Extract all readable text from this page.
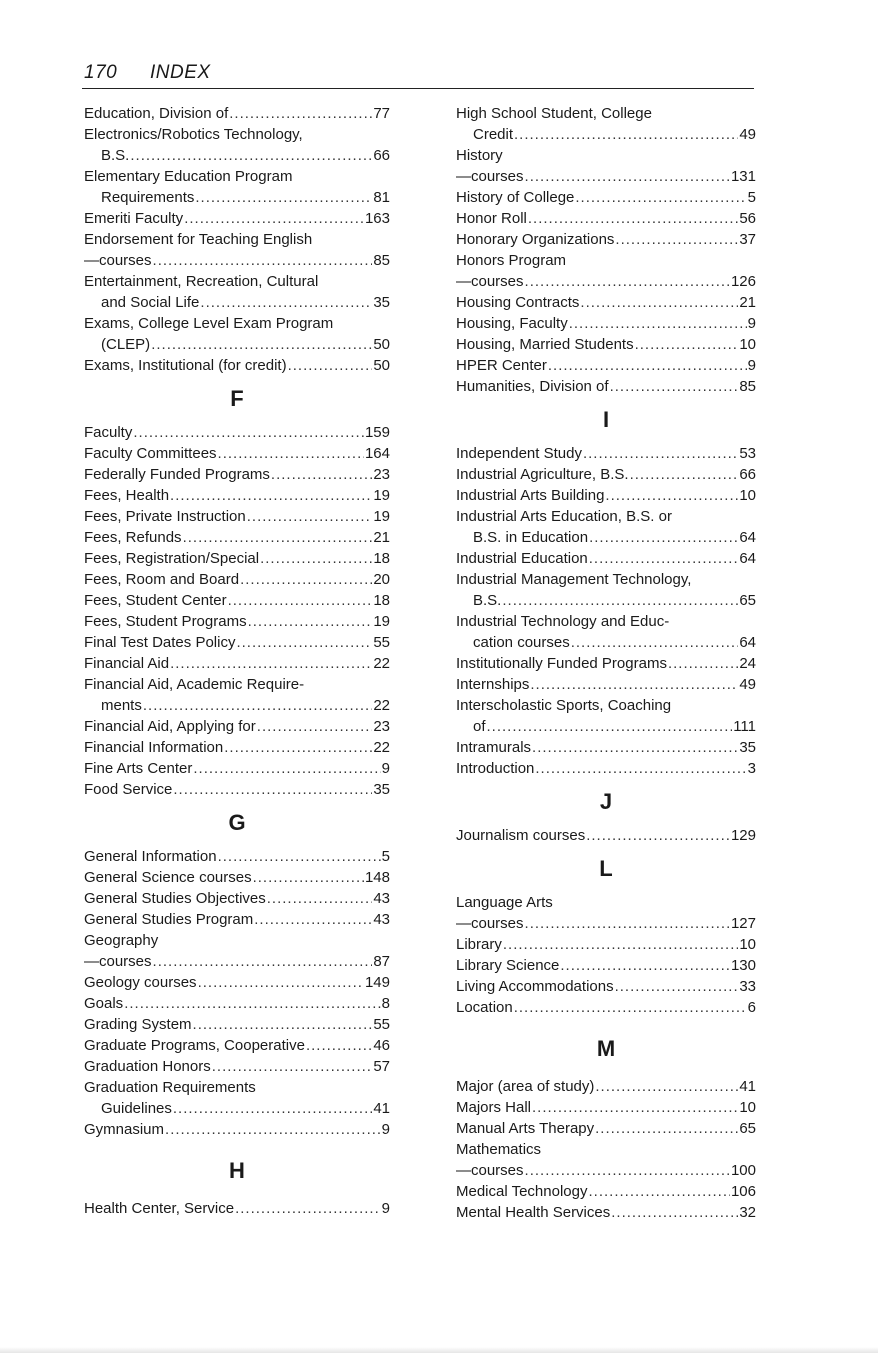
170 INDEX
Education, Division of .....	77
Electronics/Robotics Technology,
B.S. .....	66
Elementary Education Program
Requirements .....	81
Emeriti Faculty .....	163
Endorsement for Teaching English
—courses .....	85
Entertainment, Recreation, Cultural
and Social Life .....	35
Exams, College Level Exam Program
(CLEP) .....	50
Exams, Institutional (for credit) .....	50
F
Faculty .....	159
Faculty Committees .....	164
Federally Funded Programs .....	23
Fees, Health .....	19
Fees, Private Instruction .....	19
Fees, Refunds .....	21
Fees, Registration/Special .....	18
Fees, Room and Board .....	20
Fees, Student Center .....	18
Fees, Student Programs .....	19
Final Test Dates Policy .....	55
Financial Aid .....	22
Financial Aid, Academic Require-
ments .....	22
Financial Aid, Applying for .....	23
Financial Information .....	22
Fine Arts Center .....	9
Food Service .....	35
G
General Information .....	5
General Science courses .....	148
General Studies Objectives .....	43
General Studies Program .....	43
Geography
—courses .....	87
Geology courses .....	149
Goals .....	8
Grading System .....	55
Graduate Programs, Cooperative .....	46
Graduation Honors .....	57
Graduation Requirements
Guidelines .....	41
Gymnasium .....	9
H
Health Center, Service .....	9
High School Student, College
Credit .....	49
History
—courses .....	131
History of College .....	5
Honor Roll .....	56
Honorary Organizations .....	37
Honors Program
—courses .....	126
Housing Contracts .....	21
Housing, Faculty .....	9
Housing, Married Students .....	10
HPER Center .....	9
Humanities, Division of .....	85
I
Independent Study .....	53
Industrial Agriculture, B.S. .....	66
Industrial Arts Building .....	10
Industrial Arts Education, B.S. or
B.S. in Education .....	64
Industrial Education .....	64
Industrial Management Technology,
B.S. .....	65
Industrial Technology and Educ-
cation courses .....	64
Institutionally Funded Programs .....	24
Internships .....	49
Interscholastic Sports, Coaching
of .....	111
Intramurals .....	35
Introduction .....	3
J
Journalism courses .....	129
L
Language Arts
—courses .....	127
Library .....	10
Library Science .....	130
Living Accommodations .....	33
Location .....	6
M
Major (area of study) .....	41
Majors Hall .....	10
Manual Arts Therapy .....	65
Mathematics
—courses .....	100
Medical Technology .....	106
Mental Health Services .....	32
